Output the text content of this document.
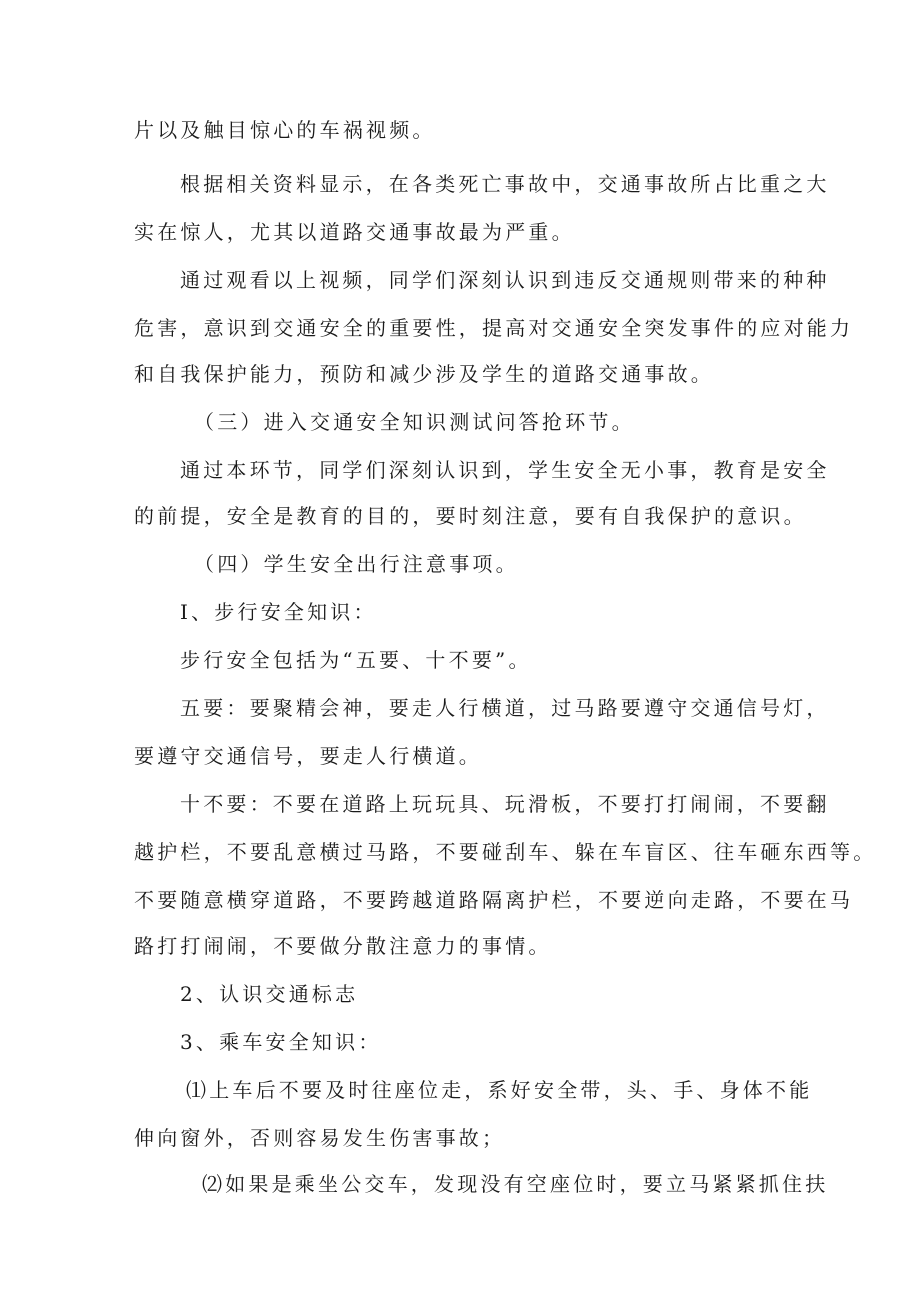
片以及触目惊心的车祸视频。
根据相关资料显示，在各类死亡事故中，交通事故所占比重之大
实在惊人，尤其以道路交通事故最为严重。
通过观看以上视频，同学们深刻认识到违反交通规则带来的种种
危害，意识到交通安全的重要性，提高对交通安全突发事件的应对能力
和自我保护能力，预防和减少涉及学生的道路交通事故。
（三）进入交通安全知识测试问答抢环节。
通过本环节，同学们深刻认识到，学生安全无小事，教育是安全
的前提，安全是教育的目的，要时刻注意，要有自我保护的意识。
（四）学生安全出行注意事项。
I、步行安全知识：
步行安全包括为“五要、十不要”。
五要：要聚精会神，要走人行横道，过马路要遵守交通信号灯，
要遵守交通信号，要走人行横道。
十不要：不要在道路上玩玩具、玩滑板，不要打打闹闹，不要翻
越护栏，不要乱意横过马路，不要碰刮车、躲在车盲区、往车砸东西等。
不要随意横穿道路，不要跨越道路隔离护栏，不要逆向走路，不要在马
路打打闹闹，不要做分散注意力的事情。
2、认识交通标志
3、乘车安全知识：
⑴上车后不要及时往座位走，系好安全带，头、手、身体不能
伸向窗外，否则容易发生伤害事故；
⑵如果是乘坐公交车，发现没有空座位时，要立马紧紧抓住扶
